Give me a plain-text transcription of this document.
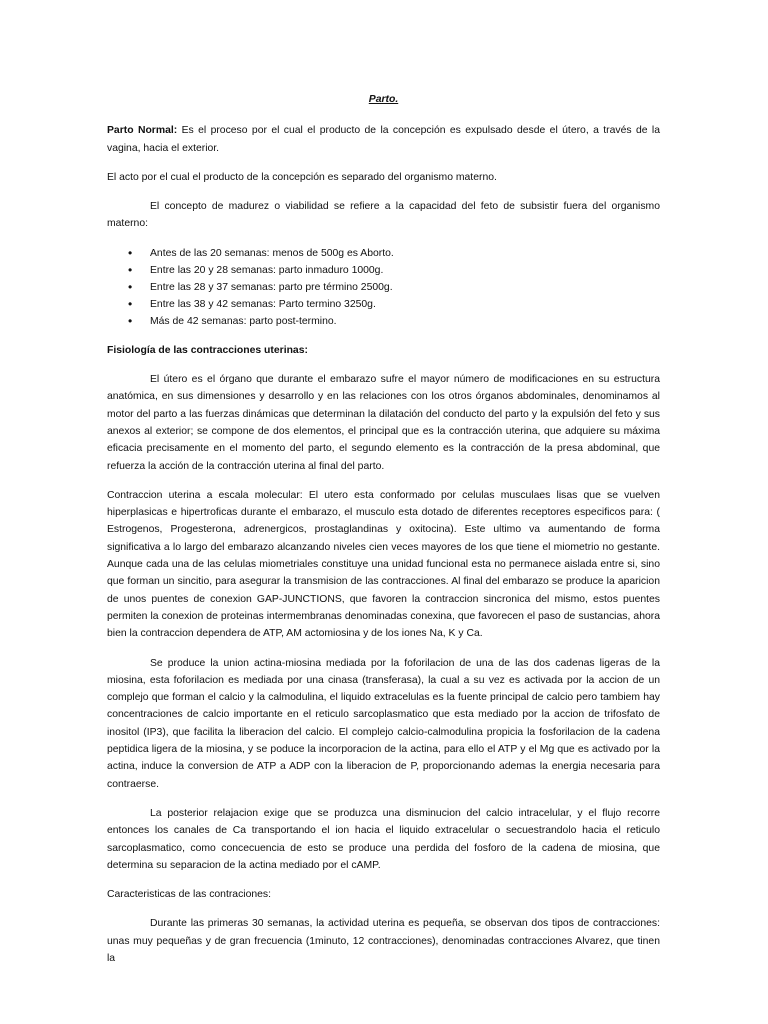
Parto.

Parto Normal: Es el proceso por el cual el producto de la concepción es expulsado desde el útero, a través de la vagina, hacia el exterior.

El acto por el cual el producto de la concepción es separado del organismo materno.

El concepto de madurez o viabilidad se refiere a la capacidad del feto de subsistir fuera del organismo materno:

• Antes de las 20 semanas: menos de 500g es Aborto.
• Entre las 20 y 28 semanas: parto inmaduro 1000g.
• Entre las 28 y 37 semanas: parto pre término 2500g.
• Entre las 38 y 42 semanas: Parto termino 3250g.
• Más de 42 semanas: parto post-termino.
Fisiología de las contracciones uterinas:

El útero es el órgano que durante el embarazo sufre el mayor número de modificaciones en su estructura anatómica, en sus dimensiones y desarrollo y en las relaciones con los otros órganos abdominales, denominamos al motor del parto a las fuerzas dinámicas que determinan la dilatación del conducto del parto y la expulsión del feto y sus anexos al exterior; se compone de dos elementos, el principal que es la contracción uterina, que adquiere su máxima eficacia precisamente en el momento del parto, el segundo elemento es la contracción de la presa abdominal, que refuerza la acción de la contracción uterina al final del parto.

Contraccion uterina a escala molecular: El utero esta conformado por celulas musculaes lisas que se vuelven hiperplasicas e hipertroficas durante el embarazo, el musculo esta dotado de diferentes receptores especificos para: ( Estrogenos, Progesterona, adrenergicos, prostaglandinas y oxitocina). Este ultimo va aumentando de forma significativa a lo largo del embarazo alcanzando niveles cien veces mayores de los que tiene el miometrio no gestante. Aunque cada una de las celulas miometriales constituye una unidad funcional esta no permanece aislada entre si, sino que forman un sincitio, para asegurar la transmision de las contracciones. Al final del embarazo se produce la aparicion de unos puentes de conexion GAP-JUNCTIONS, que favoren la contraccion sincronica del mismo, estos puentes permiten la conexion de proteinas intermembranas denominadas conexina, que favorecen el paso de sustancias, ahora bien la contraccion dependera de ATP, AM actomiosina y de los iones Na, K y Ca.

Se produce la union actina-miosina mediada por la foforilacion de una de las dos cadenas ligeras de la miosina, esta foforilacion es mediada por una cinasa (transferasa), la cual a su vez es activada por la accion de un complejo que forman el calcio y la calmodulina, el liquido extracelulas es la fuente principal de calcio pero tambiem hay concentraciones de calcio importante en el reticulo sarcoplasmatico que esta mediado por la accion de trifosfato de inositol (IP3), que facilita la liberacion del calcio. El complejo calcio-calmodulina propicia la fosforilacion de la cadena peptidica ligera de la miosina, y se poduce la incorporacion de la actina, para ello el ATP y el Mg que es activado por la actina, induce la conversion de ATP a ADP con la liberacion de P, proporcionando ademas la energia necesaria para contraerse.

La posterior relajacion exige que se produzca una disminucion del calcio intracelular, y el flujo recorre entonces los canales de Ca transportando el ion hacia el liquido extracelular o secuestrandolo hacia el reticulo sarcoplasmatico, como concecuencia de esto se produce una perdida del fosforo de la cadena de miosina, que determina su separacion de la actina mediado por el cAMP.

Caracteristicas de las contraciones:

Durante las primeras 30 semanas, la actividad uterina es pequeña, se observan dos tipos de contracciones: unas muy pequeñas y de gran frecuencia (1minuto, 12 contracciones), denominadas contracciones Alvarez, que tinen la
